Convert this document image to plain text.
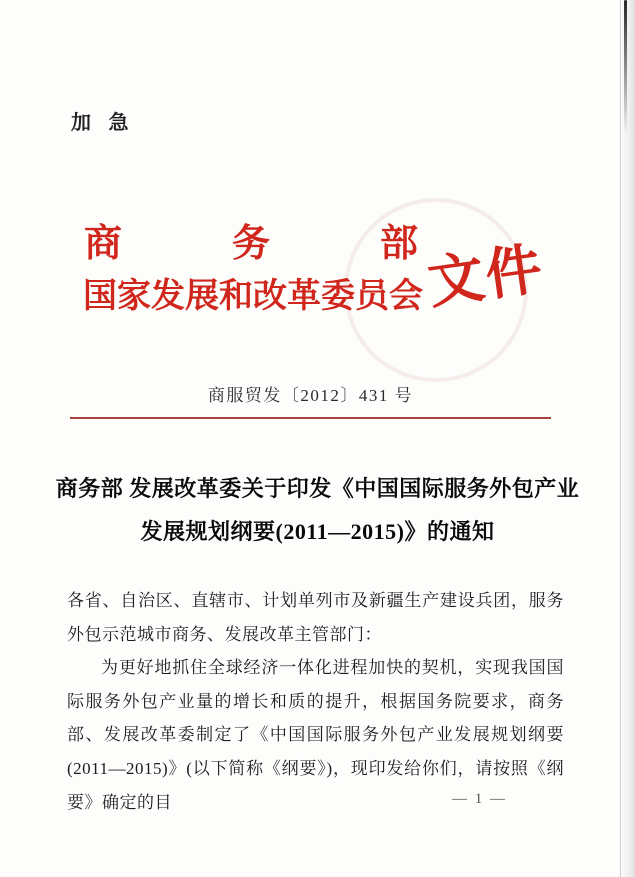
加 急
商	务	部
国家发展和改革委员会 文件
商服贸发〔2012〕431 号
商务部 发展改革委关于印发《中国国际服务外包产业
发展规划纲要(2011—2015)》的通知

各省、自治区、直辖市、计划单列市及新疆生产建设兵团，服务外包示范城市商务、发展改革主管部门：

为更好地抓住全球经济一体化进程加快的契机，实现我国国际服务外包产业量的增长和质的提升，根据国务院要求，商务部、发展改革委制定了《中国国际服务外包产业发展规划纲要(2011—2015)》(以下简称《纲要》)，现印发给你们，请按照《纲要》确定的目	— 1 —
